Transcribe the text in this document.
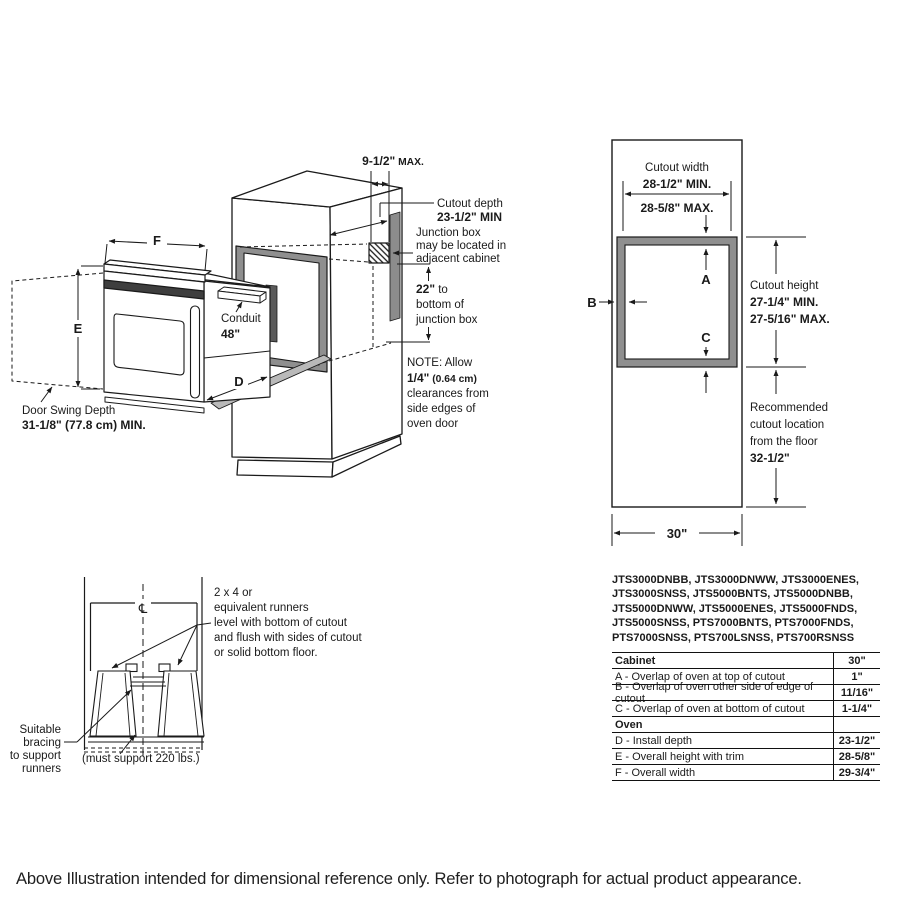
F
E
D
9-1/2" MAX.
Cutout depth
23-1/2" MIN
Junction box
may be located in
adjacent cabinet
22" to
bottom of
junction box
Conduit
48"
NOTE: Allow
1/4" (0.64 cm)
clearances from
side edges of
oven door
Door Swing Depth
31-1/8" (77.8 cm) MIN.
Cutout width
28-1/2" MIN.
28-5/8" MAX.
A
B
C
Cutout height
27-1/4" MIN.
27-5/16" MAX.
Recommended
cutout location
from the floor
32-1/2"
30"
℄
2 x 4 or
equivalent runners
level with bottom of cutout
and flush with sides of cutout
or solid bottom floor.
Suitable
bracing
to support
runners
(must support 220 lbs.)
JTS3000DNBB, JTS3000DNWW, JTS3000ENES,
JTS3000SNSS, JTS5000BNTS, JTS5000DNBB,
JTS5000DNWW, JTS5000ENES, JTS5000FNDS,
JTS5000SNSS, PTS7000BNTS, PTS7000FNDS,
PTS7000SNSS, PTS700LSNSS, PTS700RSNSS
Cabinet	30"
A - Overlap of oven at top of cutout	1"
B - Overlap of oven other side of edge of cutout	11/16"
C - Overlap of oven at bottom of cutout	1-1/4"
Oven
D - Install depth	23-1/2"
E - Overall height with trim	28-5/8"
F - Overall width	29-3/4"
Above Illustration intended for dimensional reference only. Refer to photograph for actual product appearance.
